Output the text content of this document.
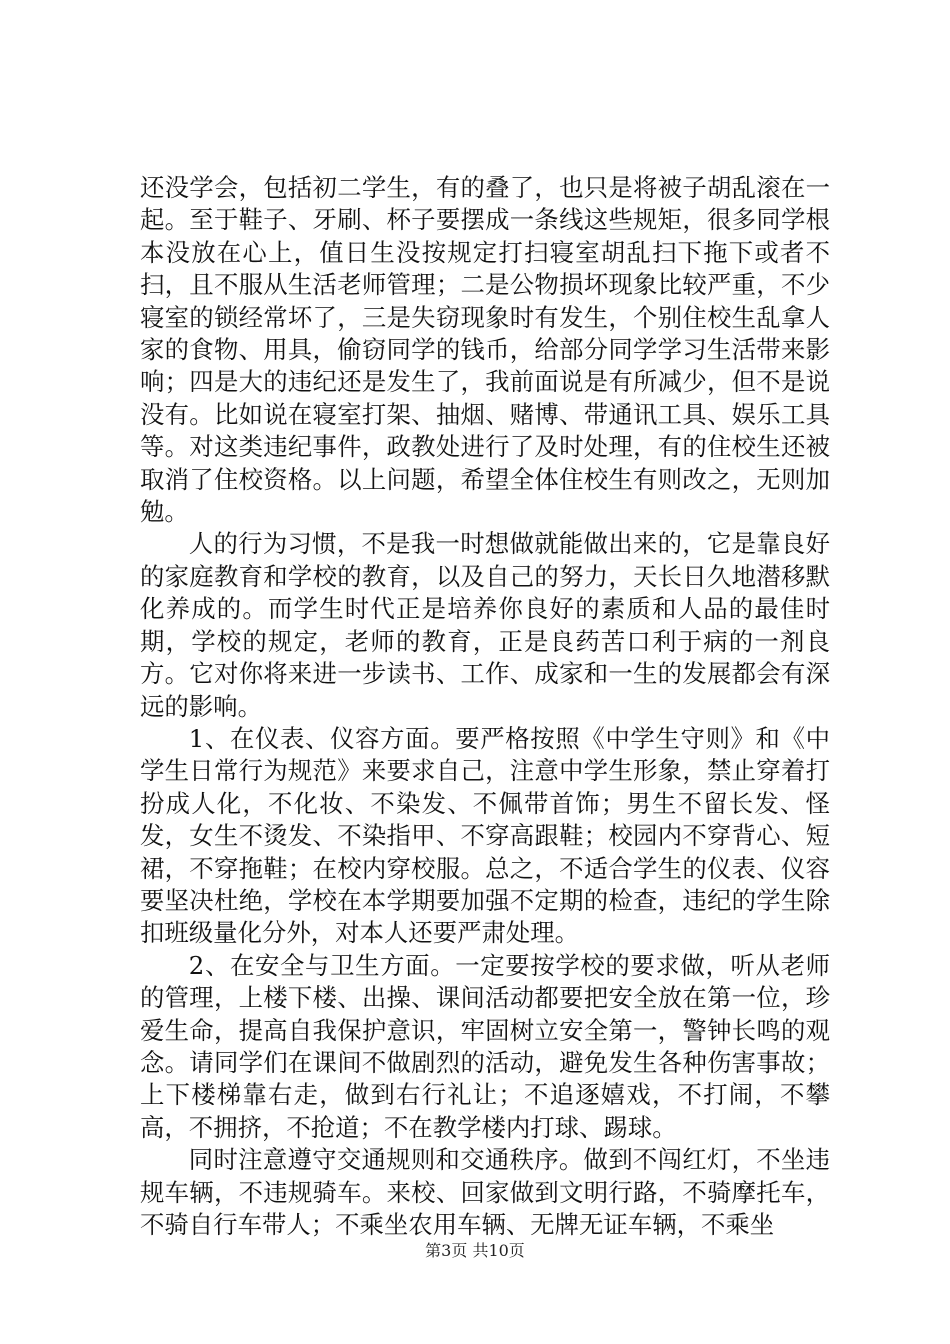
还没学会，包括初二学生，有的叠了，也只是将被子胡乱滚在一起。至于鞋子、牙刷、杯子要摆成一条线这些规矩，很多同学根本没放在心上，值日生没按规定打扫寝室胡乱扫下拖下或者不扫，且不服从生活老师管理；二是公物损坏现象比较严重，不少寝室的锁经常坏了，三是失窃现象时有发生，个别住校生乱拿人家的食物、用具，偷窃同学的钱币，给部分同学学习生活带来影响；四是大的违纪还是发生了，我前面说是有所减少，但不是说没有。比如说在寝室打架、抽烟、赌博、带通讯工具、娱乐工具等。对这类违纪事件，政教处进行了及时处理，有的住校生还被取消了住校资格。以上问题，希望全体住校生有则改之，无则加勉。

人的行为习惯，不是我一时想做就能做出来的，它是靠良好的家庭教育和学校的教育，以及自己的努力，天长日久地潜移默化养成的。而学生时代正是培养你良好的素质和人品的最佳时期，学校的规定，老师的教育，正是良药苦口利于病的一剂良方。它对你将来进一步读书、工作、成家和一生的发展都会有深远的影响。

1、在仪表、仪容方面。要严格按照《中学生守则》和《中学生日常行为规范》来要求自己，注意中学生形象，禁止穿着打扮成人化，不化妆、不染发、不佩带首饰；男生不留长发、怪发，女生不烫发、不染指甲、不穿高跟鞋；校园内不穿背心、短裙，不穿拖鞋；在校内穿校服。总之，不适合学生的仪表、仪容要坚决杜绝，学校在本学期要加强不定期的检查，违纪的学生除扣班级量化分外，对本人还要严肃处理。

2、在安全与卫生方面。一定要按学校的要求做，听从老师的管理，上楼下楼、出操、课间活动都要把安全放在第一位，珍爱生命，提高自我保护意识，牢固树立安全第一，警钟长鸣的观念。请同学们在课间不做剧烈的活动，避免发生各种伤害事故；上下楼梯靠右走，做到右行礼让；不追逐嬉戏，不打闹，不攀高，不拥挤，不抢道；不在教学楼内打球、踢球。

同时注意遵守交通规则和交通秩序。做到不闯红灯，不坐违规车辆，不违规骑车。来校、回家做到文明行路，不骑摩托车，不骑自行车带人；不乘坐农用车辆、无牌无证车辆，不乘坐

第3页 共10页
